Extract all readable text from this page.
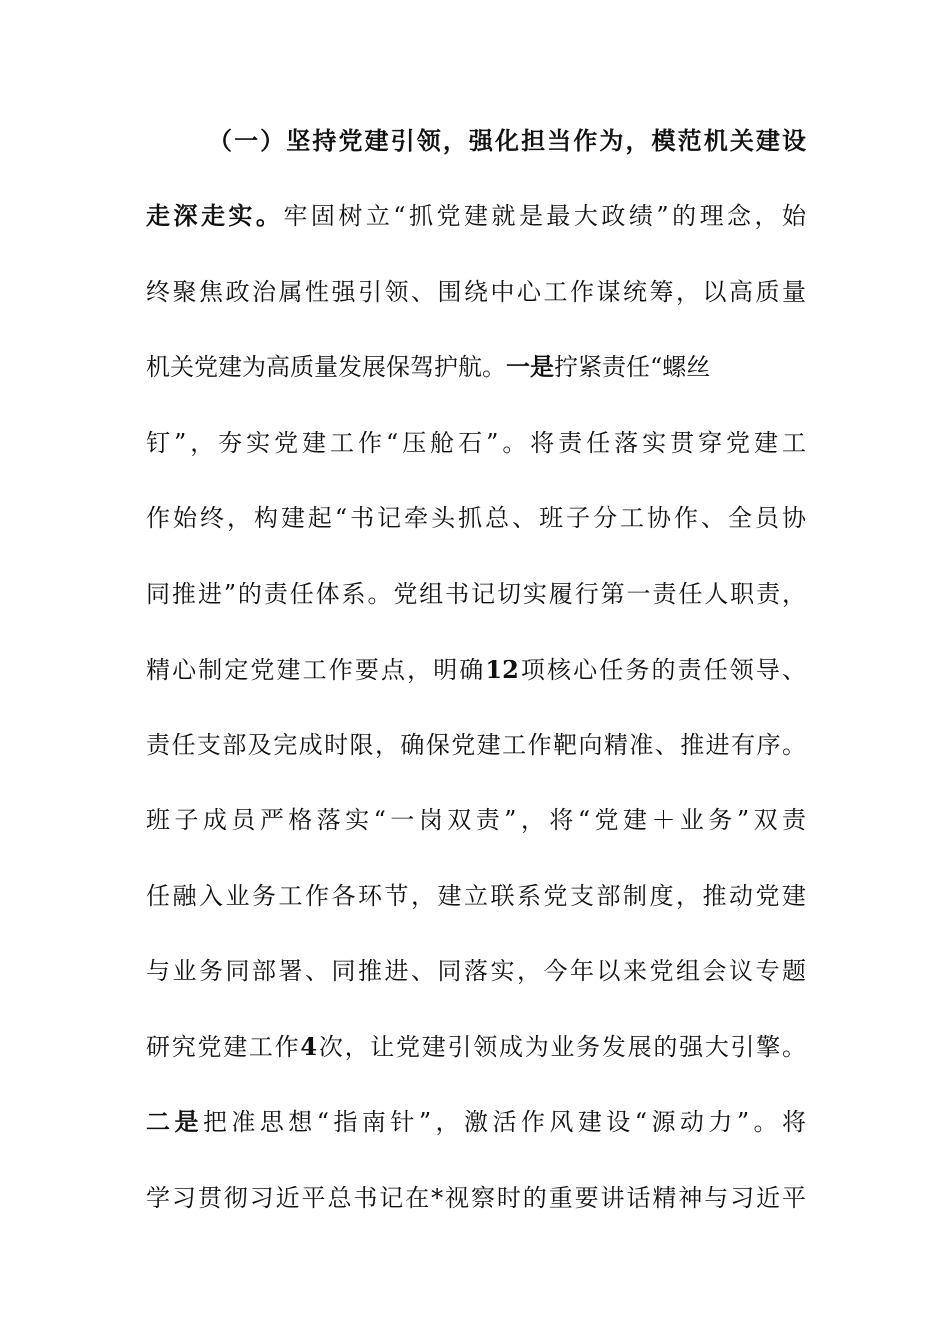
（一）坚持党建引领，强化担当作为，模范机关建设
走深走实。牢固树立“抓党建就是最大政绩”的理念，始
终聚焦政治属性强引领、围绕中心工作谋统筹，以高质量
机关党建为高质量发展保驾护航。一是拧紧责任“螺丝
钉”，夯实党建工作“压舱石”。将责任落实贯穿党建工
作始终，构建起“书记牵头抓总、班子分工协作、全员协
同推进”的责任体系。党组书记切实履行第一责任人职责，
精心制定党建工作要点，明确12项核心任务的责任领导、
责任支部及完成时限，确保党建工作靶向精准、推进有序。
班子成员严格落实“一岗双责”，将“党建＋业务”双责
任融入业务工作各环节，建立联系党支部制度，推动党建
与业务同部署、同推进、同落实，今年以来党组会议专题
研究党建工作4次，让党建引领成为业务发展的强大引擎。
二是把准思想“指南针”，激活作风建设“源动力”。将
学习贯彻习近平总书记在*视察时的重要讲话精神与习近平
